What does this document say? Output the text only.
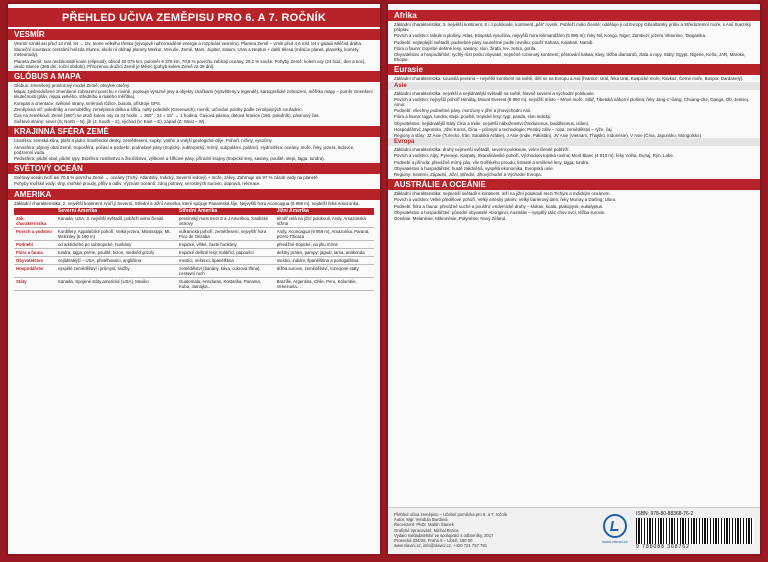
PŘEHLED UČIVA ZEMĚPISU PRO 6. A 7. ROČNÍK
VESMÍR

Vesmír vznikl asi před 13 mld. let → tzv. teorie velkého třesku (vývojově nahromaděné energie a rozpínání vesmíru). Planeta Země – vznik před 4,6 mld. let v galaxii Mléčná dráha.

Sluneční soustava: centrální hvězda Slunce, okolo ní obíhají planety Merkur, Venuše, Země, Mars, Jupiter, Saturn, Uran a Neptun + další tělesa (měsíce planet, planetky, komety, meteoroidy).

Planeta Země: tvar nedokonalé koule (elipsoid), obvod 40 075 km, poloměr 6 378 km, 70,8 % povrchu zabírají oceány, 29,2 % souše. Pohyby Země: kolem osy (24 hod., den a noc), okolo Slunce (365 dní, roční období). Přirozenou družicí Země je Měsíc (pohyb kolem Země za 28 dní).

GLÓBUS A MAPA

Glóbus: zmenšený prostorový model Země, obvykle otočný.

Mapa: zjednodušené zmenšené zobrazení povrchu v rovině, popisuje výrazně jevy a objekty značkami (vysvětleny v legendě), kartografické zobrazení, měřítko mapy – poměr zmenšení skutečnosti (plán, mapa velkého, středního a malého měřítka).

Kompas a orientace: světové strany, směrová růžice, busola, přístroje GPS.

Zeměpisná síť: poledníky a rovnoběžky, zeměpisná délka a šířka, nultý poledník (Greenwich), rovník; určování polohy podle zeměpisných souřadnic.

Čas na zeměkouli: Země (360°) se otočí kolem osy za 24 hodin → 360° : 24 = 15° → 1 hodina. Časová pásma, datová hranice (180. poledník), pásmový čas.

Světové strany: sever (S; North – N), jih (J; South – S), východ (V; East – E), západ (Z; West – W).

KRAJINNÁ SFÉRA ZEMĚ

Litosféra: zemská kůra, plášť a jádro; litosférické desky, zemětřesení, sopky; vnitřní a vnější geologické děje. Pohoří, nížiny, vysočiny.

Atmosféra: plynný obal Země, troposféra, počasí a podnebí, podnebné pásy (tropický, subtropický, mírný, subpolární, polární). Hydrosféra: oceány, moře, řeky, jezera, ledovce, podzemní voda.

Pedosféra: půdní obal, půdní typy. Biosféra: rostlinstvo a živočišstvo, výškové a šířkové pásy, přírodní krajiny (tropické lesy, savany, pouště, stepi, tajga, tundra).

SVĚTOVÝ OCEÁN

Světový oceán tvoří asi 70,8 % povrchu Země → oceány (Tichý, Atlantský, Indický, Severní ledový) + moře, zálivy. Zahrnuje asi 97 % zásob vody na planetě.

Pohyby mořské vody: vlny, mořské proudy, příliv a odliv. Význam oceánů: zdroj potravy, nerostných surovin, doprava, rekreace.

AMERIKA

Základní charakteristika: 2. největší kontinent, tvoří ji Severní, Střední a Jižní Amerika, které spojuje Panamská šíje. Nejvyšší hora Aconcagua (6 959 m), nejdelší řeka Amazonka.

	Severní Amerika	Střední Amerika	Jižní Amerika
Zák. charakteristika	Kanada, USA; 3. největší světadíl, pobřeží velmi členité	pevninský most mezi S a J Amerikou, Karibské ostrovy	téměř celá na jižní polokouli, Andy, Amazonská nížina
Povrch a vodstvo	Kordillery, Appalačské pohoří, Velká jezera, Mississippi, Mt. McKinley (6 190 m)	vulkanická pohoří, zemětřesení, nejvyšší hora Pico de Orizaba	Andy, Aconcagua (6 959 m), Amazonka, Paraná, jezero Titicaca
Podnebí	od arktického po subtropické, hurikány	tropické, vlhké, časté hurikány	převážně tropické, na jihu mírné
Flóra a fauna	tundra, tajga, prérie, pouště; bizon, medvěd grizzly	tropické deštné lesy; kolibříci, papoušci	deštný prales, pampy; jaguár, lama, anakonda
Obyvatelstvo	nejlidnatější – USA, přistěhovalci, angličtina	mestici, míšenci, španělština	mestici, indiáni, španělština a portugalština
Hospodářství	vyspělé zemědělství i průmysl, služby	zemědělství (banány, káva, cukrová třtina), cestovní ruch	těžba surovin, zemědělství, rozvojové státy
Státy	Kanada, Spojené státy americké (USA), Mexiko	Guatemala, Honduras, Kostarika, Panama, Kuba, Jamajka…	Brazílie, Argentina, Chile, Peru, Kolumbie, Venezuela…
Afrika

Základní charakteristika: 3. největší kontinent, S i J polokoule, kontinent „pěti“ rovník. Pobřeží málo členité; odděluje ji od Evropy Gibraltarský průliv a Středozemní moře, s Asií Suezský průplav.

Povrch a vodstvo: tabule a plošiny, Atlas, Etiopská vysočina, nejvyšší hora Kilimandžáro (5 895 m); řeky Nil, Kongo, Niger, Zambezi; jezera Viktoriino, Tanganika.

Podnebí: nejteplejší světadíl, podnebné pásy souměrné podle rovníku; poušť Sahara, Kalahari, Namib.

Flóra a fauna: tropické deštné lesy, savany; slon, žirafa, lev, zebra, gorila.

Obyvatelstvo a hospodářství: rychlý růst počtu obyvatel, nejméně rozvinutý kontinent; pěstování kakaa, kávy, těžba diamantů, zlata a ropy. Státy: Egypt, Nigérie, Keňa, JAR, Maroko, Etiopie.

Eurasie

Základní charakteristika: souvislá pevnina – největší kontinent na světě, dělí se na Evropu a Asii (hranice: Ural, řeka Ural, Kaspické moře, Kavkaz, Černé moře, Bospor, Dardanely).

Asie

Základní charakteristika: největší a nejlidnatější světadíl na světě, hlavně severní a východní polokoule.

Povrch a vodstvo: nejvyšší pohoří Himálaj, Mount Everest (8 850 m), nejnižší místo – Mrtvé moře. Sibiř, Tibetská náhorní plošina; řeky Jang-c’-ťiang, Chuang-che, Ganga, Ob, Jenisej, Amur.

Podnebí: všechny podnebné pásy, monzuny v jižní a jihovýchodní Asii.

Flóra a fauna: tajga, tundra, stepi, pouště, tropické lesy; tygr, panda, slon indický.

Obyvatelstvo: nejlidnatější státy Čína a Indie, největší náboženství (hinduismus, buddhismus, islám).

Hospodářství: Japonsko, Jižní Korea, Čína – průmysl a technologie; Perský záliv – ropa; zemědělství – rýže, čaj.

Regiony a státy: JZ Asie (Turecko, Írán, Saúdská Arábie), J Asie (Indie, Pákistán), JV Asie (Vietnam, Thajsko, Indonésie), V Asie (Čína, Japonsko, Mongolsko).

Evropa

Základní charakteristika: druhý nejmenší světadíl, severní polokoule, velmi členité pobřeží.

Povrch a vodstvo: Alpy, Pyreneje, Karpaty, Skandinávské pohoří, Východoevropská rovina; Mont Blanc (4 810 m); řeky Volha, Dunaj, Rýn, Labe.

Podnebí a příroda: převážně mírný pás, vliv Golfského proudu; listnaté a smíšené lesy, tajga, tundra.

Obyvatelstvo a hospodářství: hustě zalidněná, vyspělá ekonomika, Evropská unie.

Regiony: Severní, Západní, Jižní, Střední, Jihovýchodní a Východní Evropa.

AUSTRÁLIE A OCEÁNIE

Základní charakteristika: nejmenší světadíl s kontinent, leží na jižní polokouli mezi Tichým a Indickým oceánem.

Povrch a vodstvo: Velké předělové pohoří, Velký artéský pánev, Velký bariérový útes; řeky Murray a Darling; Uluru.

Podnebí, flóra a fauna: převážně suché a pouštní; endemické druhy – klokan, koala, ptakopysk, eukalyptus.

Obyvatelstvo a hospodářství: původní obyvatelé Aboriginci, Austrálie – vyspělý stát; chov ovcí, těžba surovin.

Oceánie: Melanésie, Mikronésie, Polynésie; Nový Zéland.

Přehled učiva zeměpisu – Učební pomůcka pro 6. a 7. ročník
Autor: Mgr. Vendula Burdová
Recenzent: PhDr. Martin Štanek
Grafické zpracování: Michal Brzica
Vydalo nakladatelství ve spolupráci s odborníky, 2017
Prosecká 324/26, Praha 9 – Libeň, 190 00
www.vlavici.cz, info@vlavici.cz, +420 721 757 781
www.vlavici.cz
ISBN: 978-80-88368-76-2
9 788088 368762
